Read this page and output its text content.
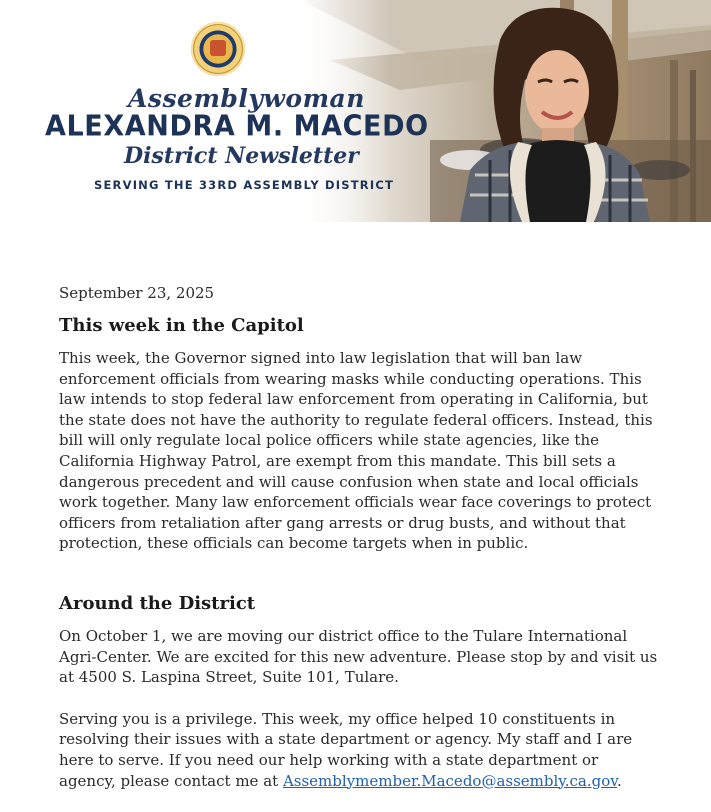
Assemblywoman
ALEXANDRA M. MACEDO
District Newsletter
SERVING THE 33RD ASSEMBLY DISTRICT

September 23, 2025

This week in the Capitol

This week, the Governor signed into law legislation that will ban law enforcement officials from wearing masks while conducting operations. This law intends to stop federal law enforcement from operating in California, but the state does not have the authority to regulate federal officers. Instead, this bill will only regulate local police officers while state agencies, like the California Highway Patrol, are exempt from this mandate. This bill sets a dangerous precedent and will cause confusion when state and local officials work together. Many law enforcement officials wear face coverings to protect officers from retaliation after gang arrests or drug busts, and without that protection, these officials can become targets when in public.

Around the District

On October 1, we are moving our district office to the Tulare International Agri-Center. We are excited for this new adventure. Please stop by and visit us at 4500 S. Laspina Street, Suite 101, Tulare.

Serving you is a privilege. This week, my office helped 10 constituents in resolving their issues with a state department or agency. My staff and I are here to serve. If you need our help working with a state department or agency, please contact me at Assemblymember.Macedo@assembly.ca.gov.
